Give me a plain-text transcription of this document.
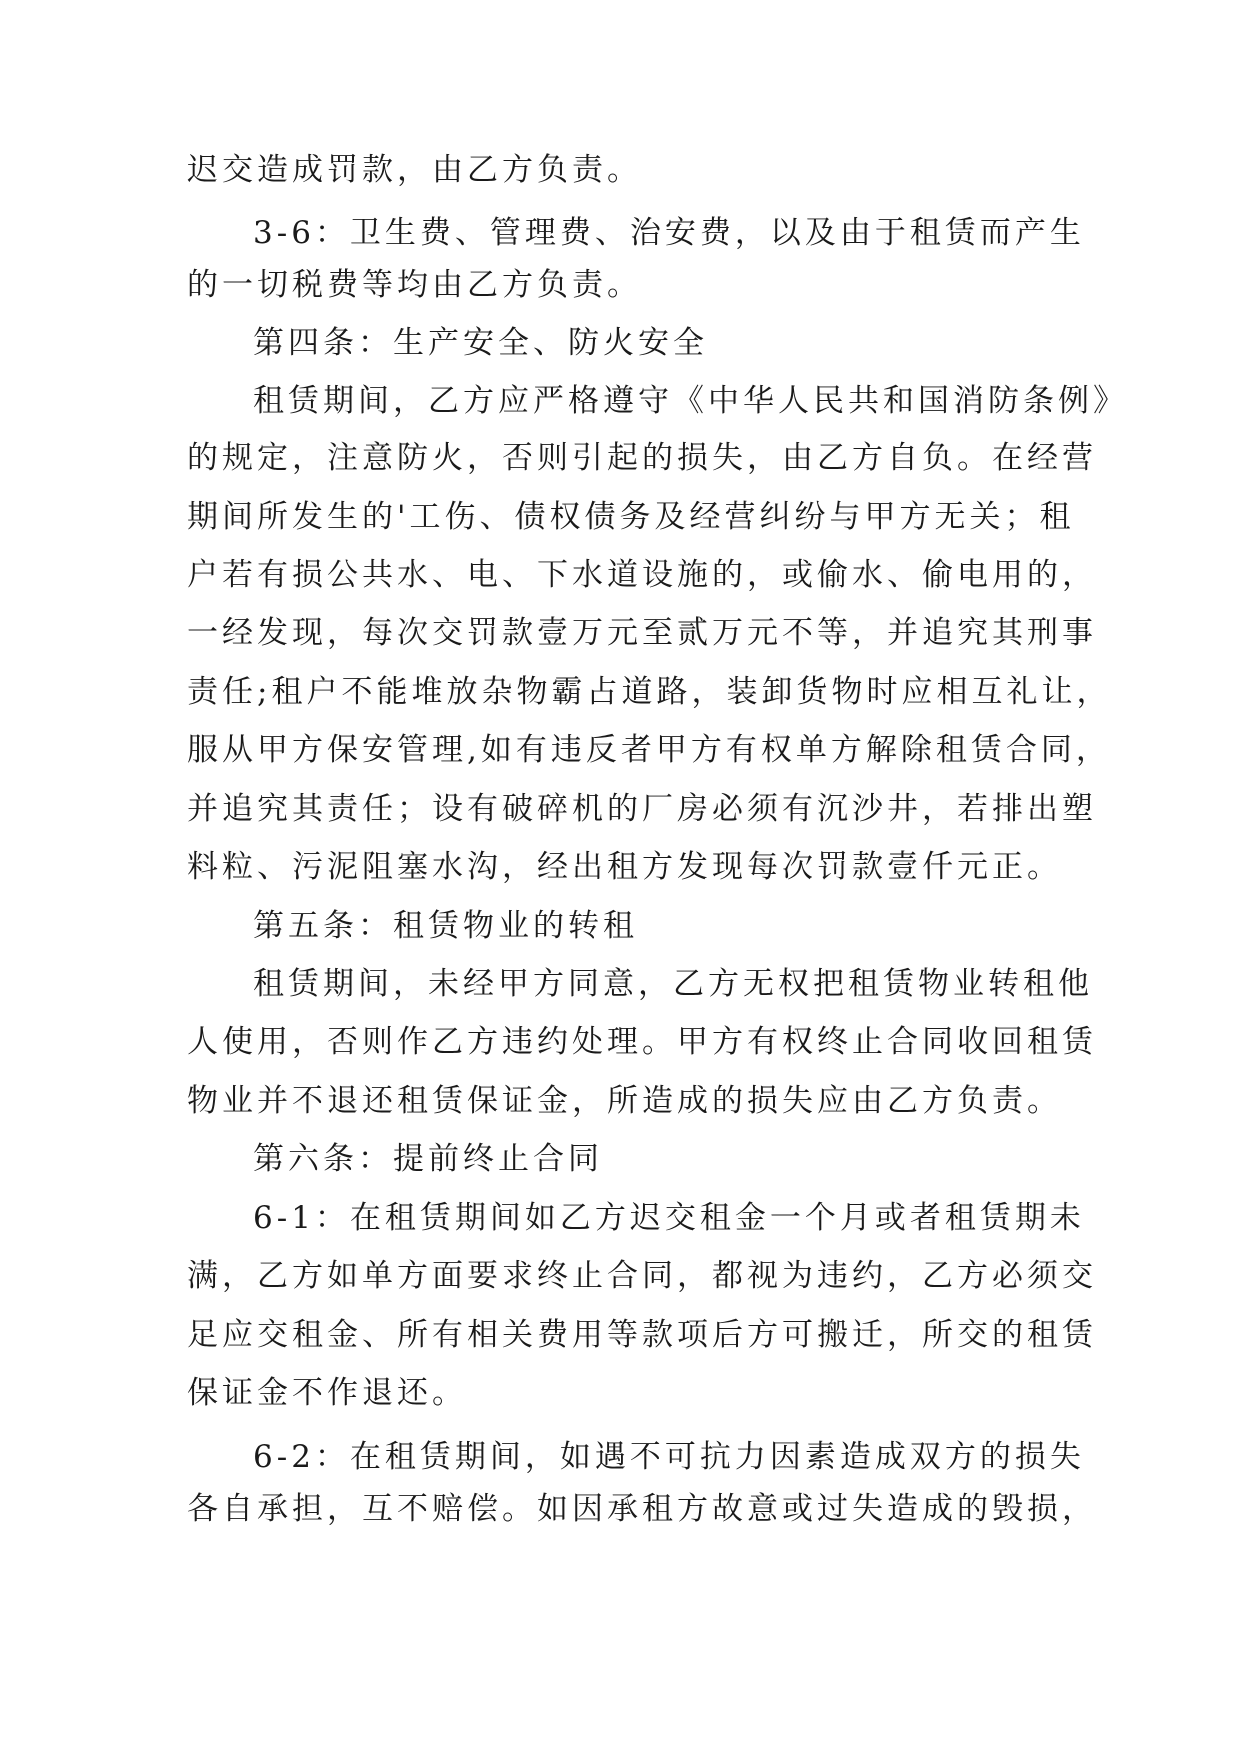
迟交造成罚款，由乙方负责。
3-6：卫生费、管理费、治安费，以及由于租赁而产生
的一切税费等均由乙方负责。
第四条：生产安全、防火安全
租赁期间，乙方应严格遵守《中华人民共和国消防条例》
的规定，注意防火，否则引起的损失，由乙方自负。在经营
期间所发生的'工伤、债权债务及经营纠纷与甲方无关；租
户若有损公共水、电、下水道设施的，或偷水、偷电用的，
一经发现，每次交罚款壹万元至贰万元不等，并追究其刑事
责任;租户不能堆放杂物霸占道路，装卸货物时应相互礼让，
服从甲方保安管理,如有违反者甲方有权单方解除租赁合同，
并追究其责任；设有破碎机的厂房必须有沉沙井，若排出塑
料粒、污泥阻塞水沟，经出租方发现每次罚款壹仟元正。
第五条：租赁物业的转租
租赁期间，未经甲方同意，乙方无权把租赁物业转租他
人使用，否则作乙方违约处理。甲方有权终止合同收回租赁
物业并不退还租赁保证金，所造成的损失应由乙方负责。
第六条：提前终止合同
6-1：在租赁期间如乙方迟交租金一个月或者租赁期未
满，乙方如单方面要求终止合同，都视为违约，乙方必须交
足应交租金、所有相关费用等款项后方可搬迁，所交的租赁
保证金不作退还。
6-2：在租赁期间，如遇不可抗力因素造成双方的损失
各自承担，互不赔偿。如因承租方故意或过失造成的毁损，
